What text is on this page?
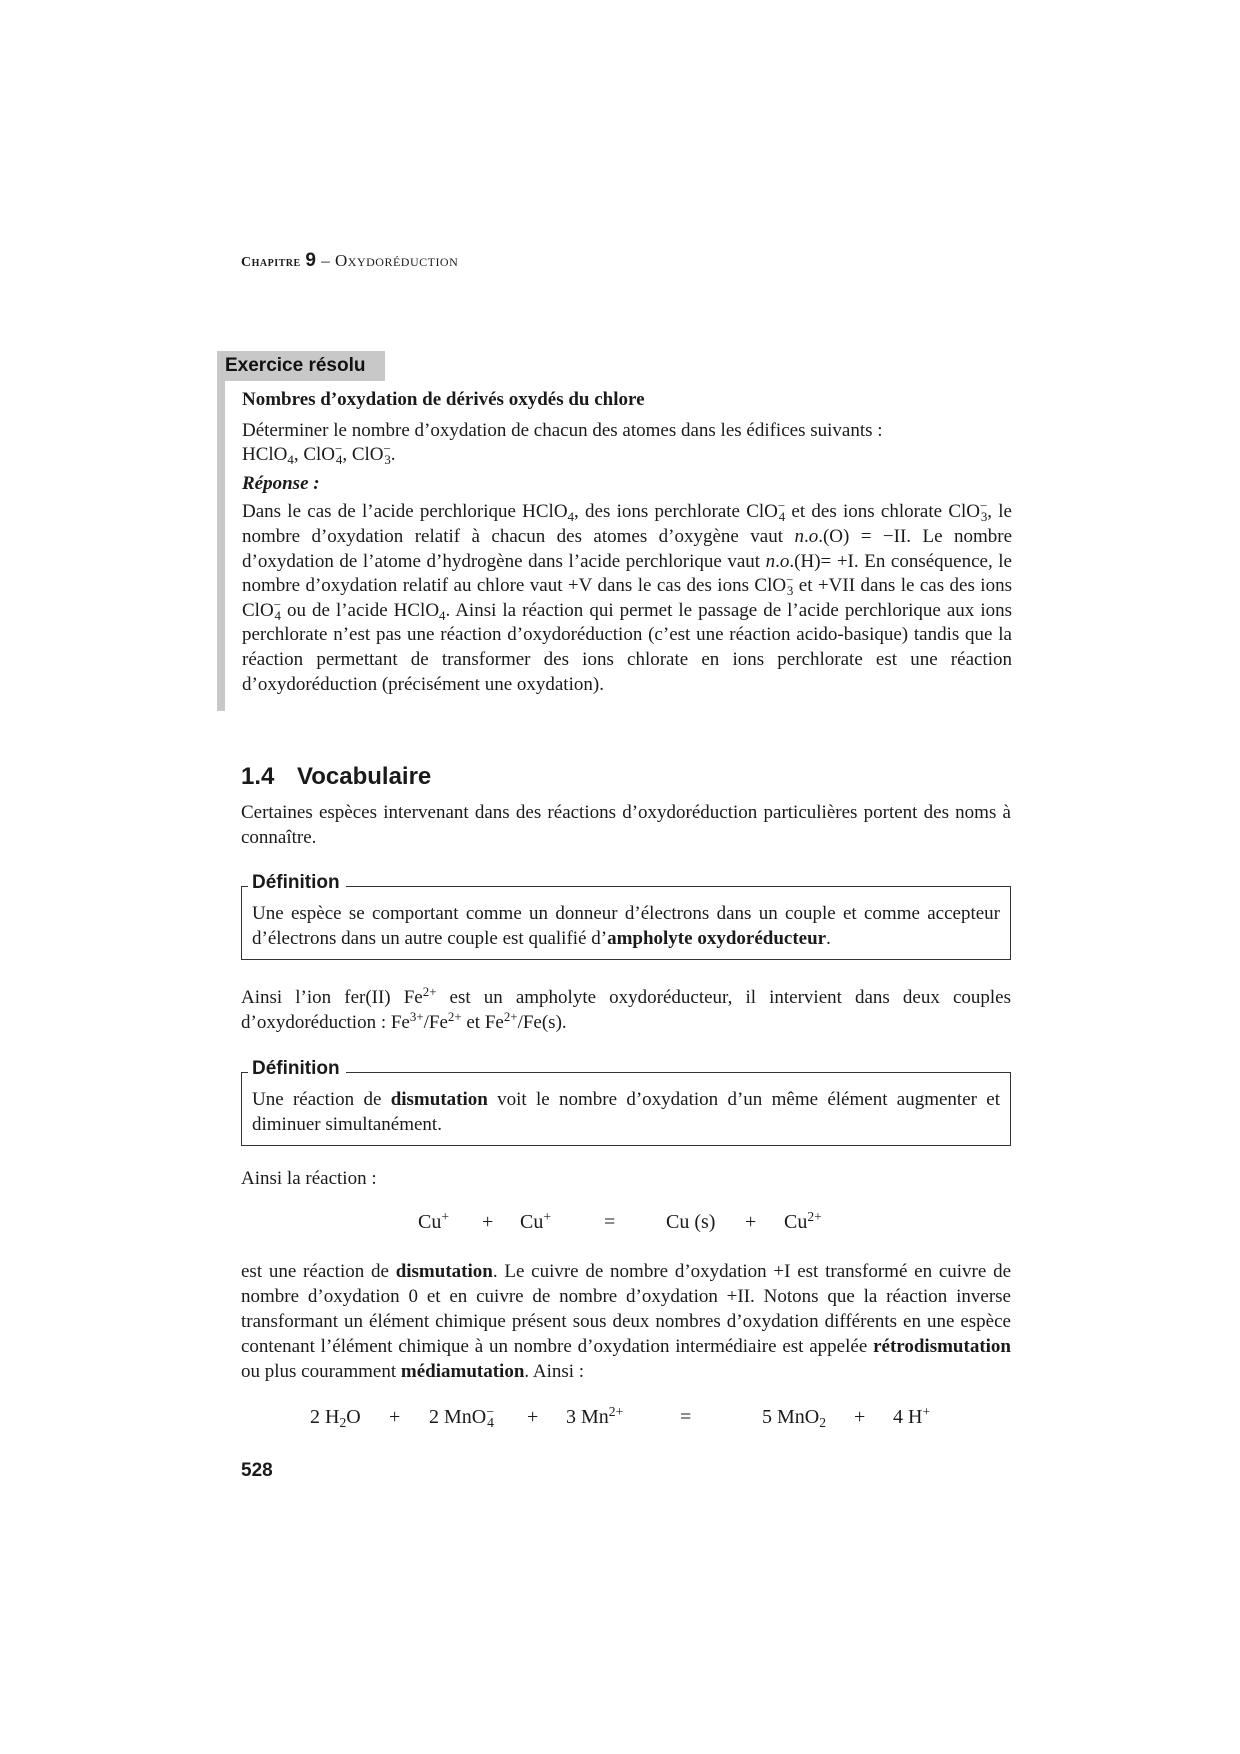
Chapitre 9 – Oxydoréduction
Exercice résolu

Nombres d’oxydation de dérivés oxydés du chlore

Déterminer le nombre d’oxydation de chacun des atomes dans les édifices suivants :
HClO$_4$, ClO−$_4$, ClO−$_3$.

Réponse :

Dans le cas de l’acide perchlorique HClO$_4$, des ions perchlorate ClO−$_4$ et des ions chlorate ClO−$_3$, le nombre d’oxydation relatif à chacun des atomes d’oxygène vaut n.o.(O) = −II. Le nombre d’oxydation de l’atome d’hydrogène dans l’acide perchlorique vaut n.o.(H)= +I. En conséquence, le nombre d’oxydation relatif au chlore vaut +V dans le cas des ions ClO−$_3$ et +VII dans le cas des ions ClO−$_4$ ou de l’acide HClO$_4$. Ainsi la réaction qui permet le passage de l’acide perchlorique aux ions perchlorate n’est pas une réaction d’oxydoréduction (c’est une réaction acido-basique) tandis que la réaction permettant de transformer des ions chlorate en ions perchlorate est une réaction d’oxydoréduction (précisément une oxydation).

1.4 Vocabulaire

Certaines espèces intervenant dans des réactions d’oxydoréduction particulières portent des noms à connaître.

Définition
Une espèce se comportant comme un donneur d’électrons dans un couple et comme accepteur d’électrons dans un autre couple est qualifié d’ampholyte oxydoréducteur.

Ainsi l’ion fer(II) $Fe^{2+}$ est un ampholyte oxydoréducteur, il intervient dans deux couples d’oxydoréduction : $Fe^{3+}/Fe^{2+}$ et $Fe^{2+}/Fe(s)$.

Définition
Une réaction de dismutation voit le nombre d’oxydation d’un même élément augmenter et diminuer simultanément.

Ainsi la réaction :

Cu+ + Cu+	=	Cu $(s) + Cu^{2+}$

est une réaction de dismutation. Le cuivre de nombre d’oxydation +I est transformé en cuivre de nombre d’oxydation 0 et en cuivre de nombre d’oxydation +II. Notons que la réaction inverse transformant un élément chimique présent sous deux nombres d’oxydation différents en une espèce contenant l’élément chimique à un nombre d’oxydation intermédiaire est appelée rétrodismutation ou plus couramment médiamutation. Ainsi :

2 $H_2O + 2$ MnO−$_4$ + 3 $Mn^{2+}$	=	5 MnO$_2$ + 4 H+
528
